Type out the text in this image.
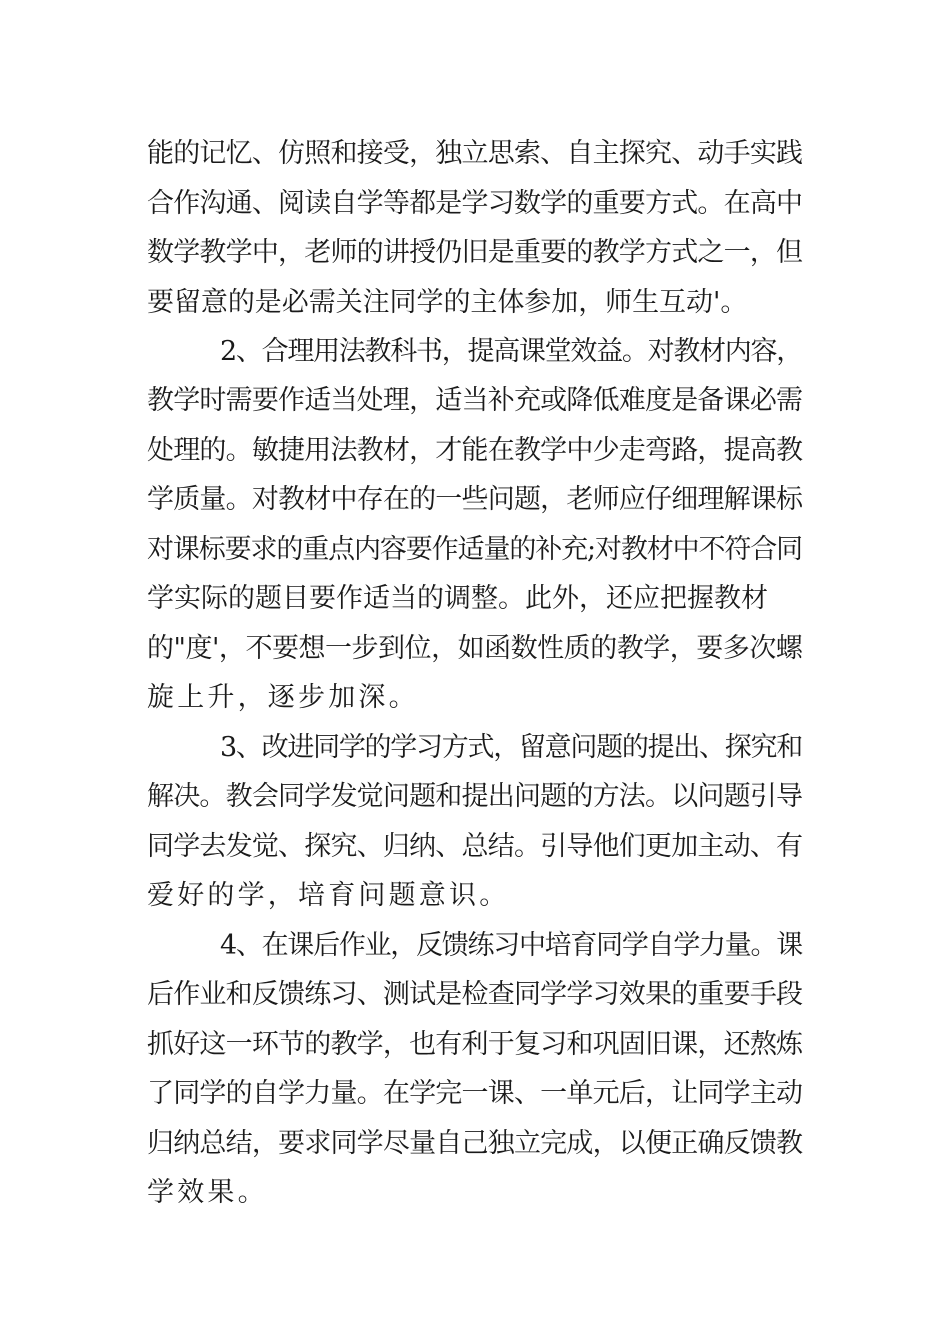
能的记忆、仿照和接受，独立思索、自主探究、动手实践
合作沟通、阅读自学等都是学习数学的重要方式。在高中
数学教学中，老师的讲授仍旧是重要的教学方式之一，但
要留意的是必需关注同学的主体参加，师生互动'。
2、合理用法教科书，提高课堂效益。对教材内容，
教学时需要作适当处理，适当补充或降低难度是备课必需
处理的。敏捷用法教材，才能在教学中少走弯路，提高教
学质量。对教材中存在的一些问题，老师应仔细理解课标
对课标要求的重点内容要作适量的补充;对教材中不符合同
学实际的题目要作适当的调整。此外，还应把握教材
的"度'，不要想一步到位，如函数性质的教学，要多次螺
旋上升，逐步加深。
3、改进同学的学习方式，留意问题的提出、探究和
解决。教会同学发觉问题和提出问题的方法。以问题引导
同学去发觉、探究、归纳、总结。引导他们更加主动、有
爱好的学，培育问题意识。
4、在课后作业，反馈练习中培育同学自学力量。课
后作业和反馈练习、测试是检查同学学习效果的重要手段
抓好这一环节的教学，也有利于复习和巩固旧课，还熬炼
了同学的自学力量。在学完一课、一单元后，让同学主动
归纳总结，要求同学尽量自己独立完成，以便正确反馈教
学效果。
